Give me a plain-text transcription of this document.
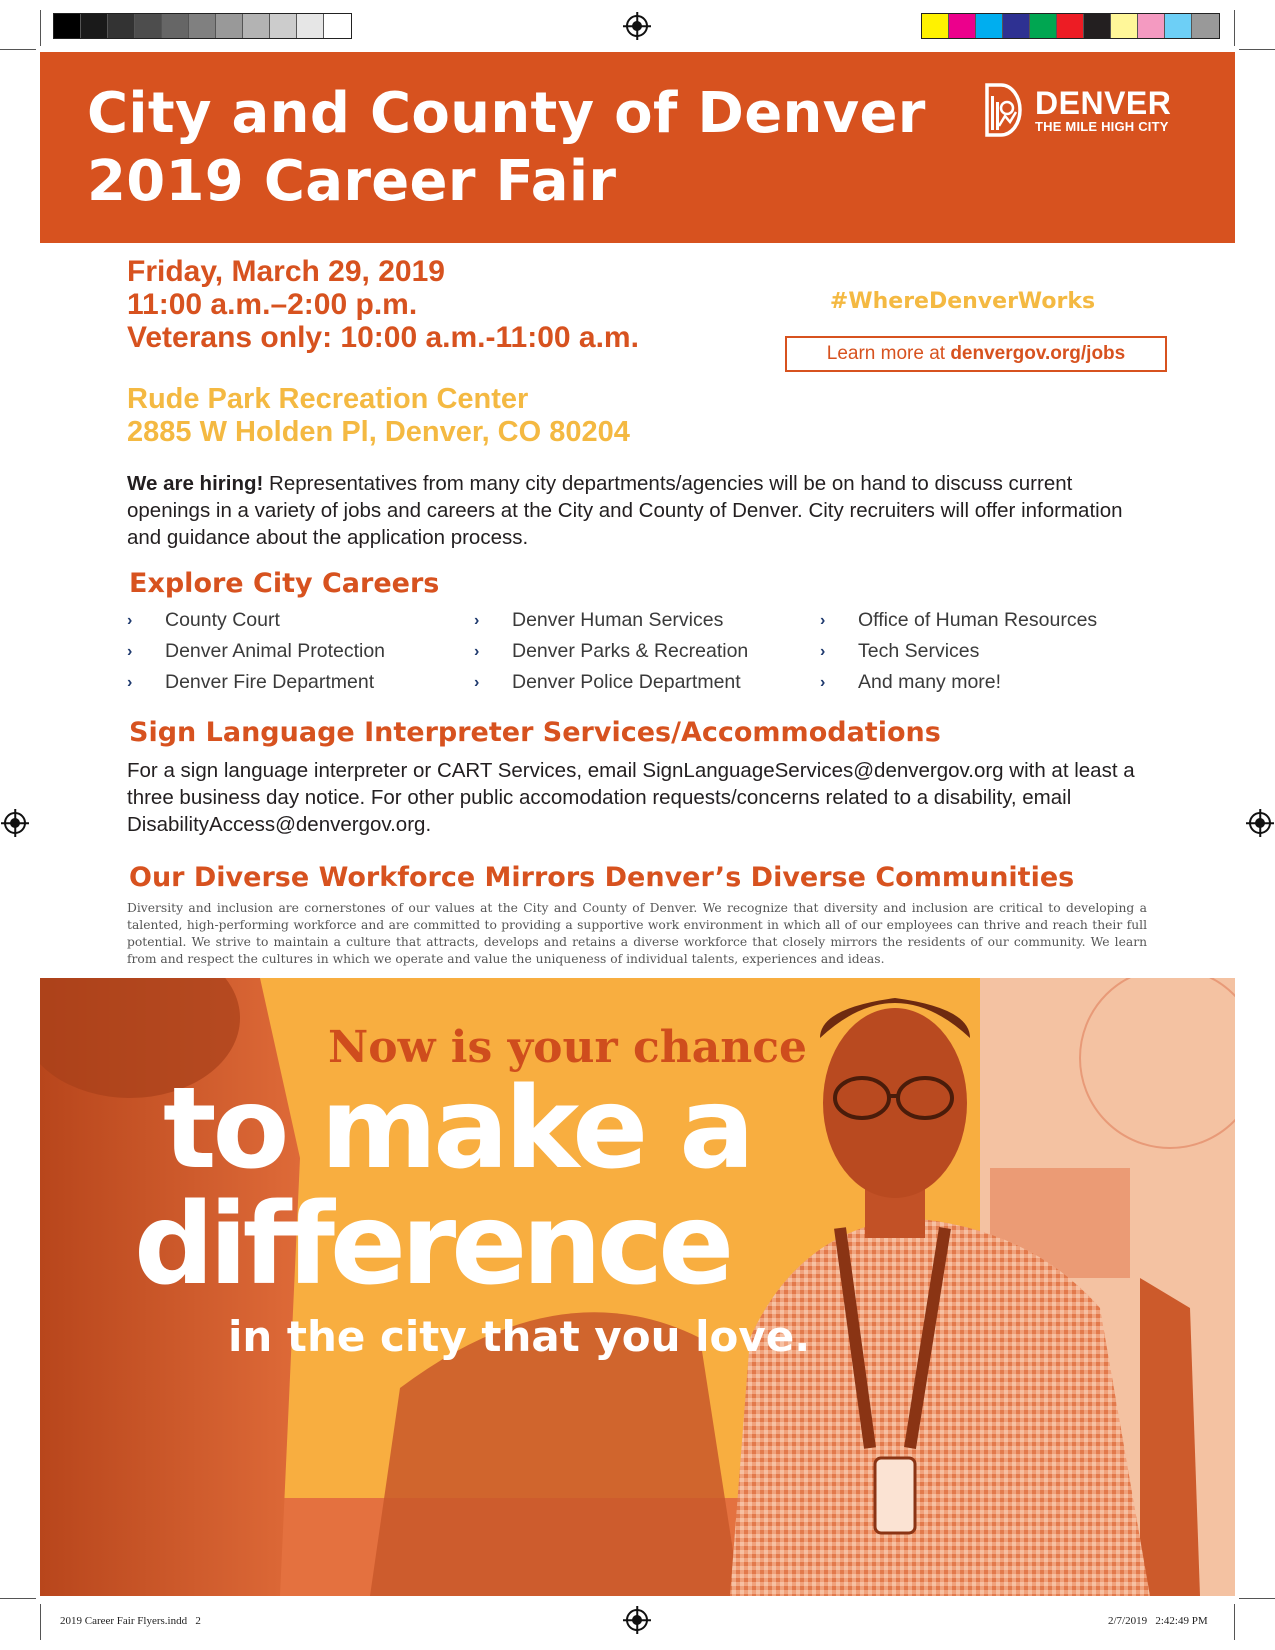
City and County of Denver
2019 Career Fair
DENVER
THE MILE HIGH CITY
Friday, March 29, 2019
11:00 a.m.–2:00 p.m.
Veterans only: 10:00 a.m.-11:00 a.m.
#WhereDenverWorks
Learn more at denvergov.org/jobs
Rude Park Recreation Center
2885 W Holden Pl, Denver, CO 80204

We are hiring! Representatives from many city departments/agencies will be on hand to discuss current openings in a variety of jobs and careers at the City and County of Denver. City recruiters will offer information and guidance about the application process.

Explore City Careers
›	County Court	›	Denver Human Services	›	Office of Human Resources
›	Denver Animal Protection	›	Denver Parks & Recreation	›	Tech Services
›	Denver Fire Department	›	Denver Police Department	›	And many more!
Sign Language Interpreter Services/Accommodations

For a sign language interpreter or CART Services, email SignLanguageServices@denvergov.org with at least a three business day notice. For other public accomodation requests/concerns related to a disability, email DisabilityAccess@denvergov.org.

Our Diverse Workforce Mirrors Denver’s Diverse Communities

Diversity and inclusion are cornerstones of our values at the City and County of Denver. We recognize that diversity and inclusion are critical to developing a talented, high-performing workforce and are committed to providing a supportive work environment in which all of our employees can thrive and reach their full potential. We strive to maintain a culture that attracts, develops and retains a diverse workforce that closely mirrors the residents of our community. We learn from and respect the cultures in which we operate and value the uniqueness of individual talents, experiences and ideas.

Now is your chance
to make a
difference
in the city that you love.
2019 Career Fair Flyers.indd   2	2/7/2019   2:42:49 PM
